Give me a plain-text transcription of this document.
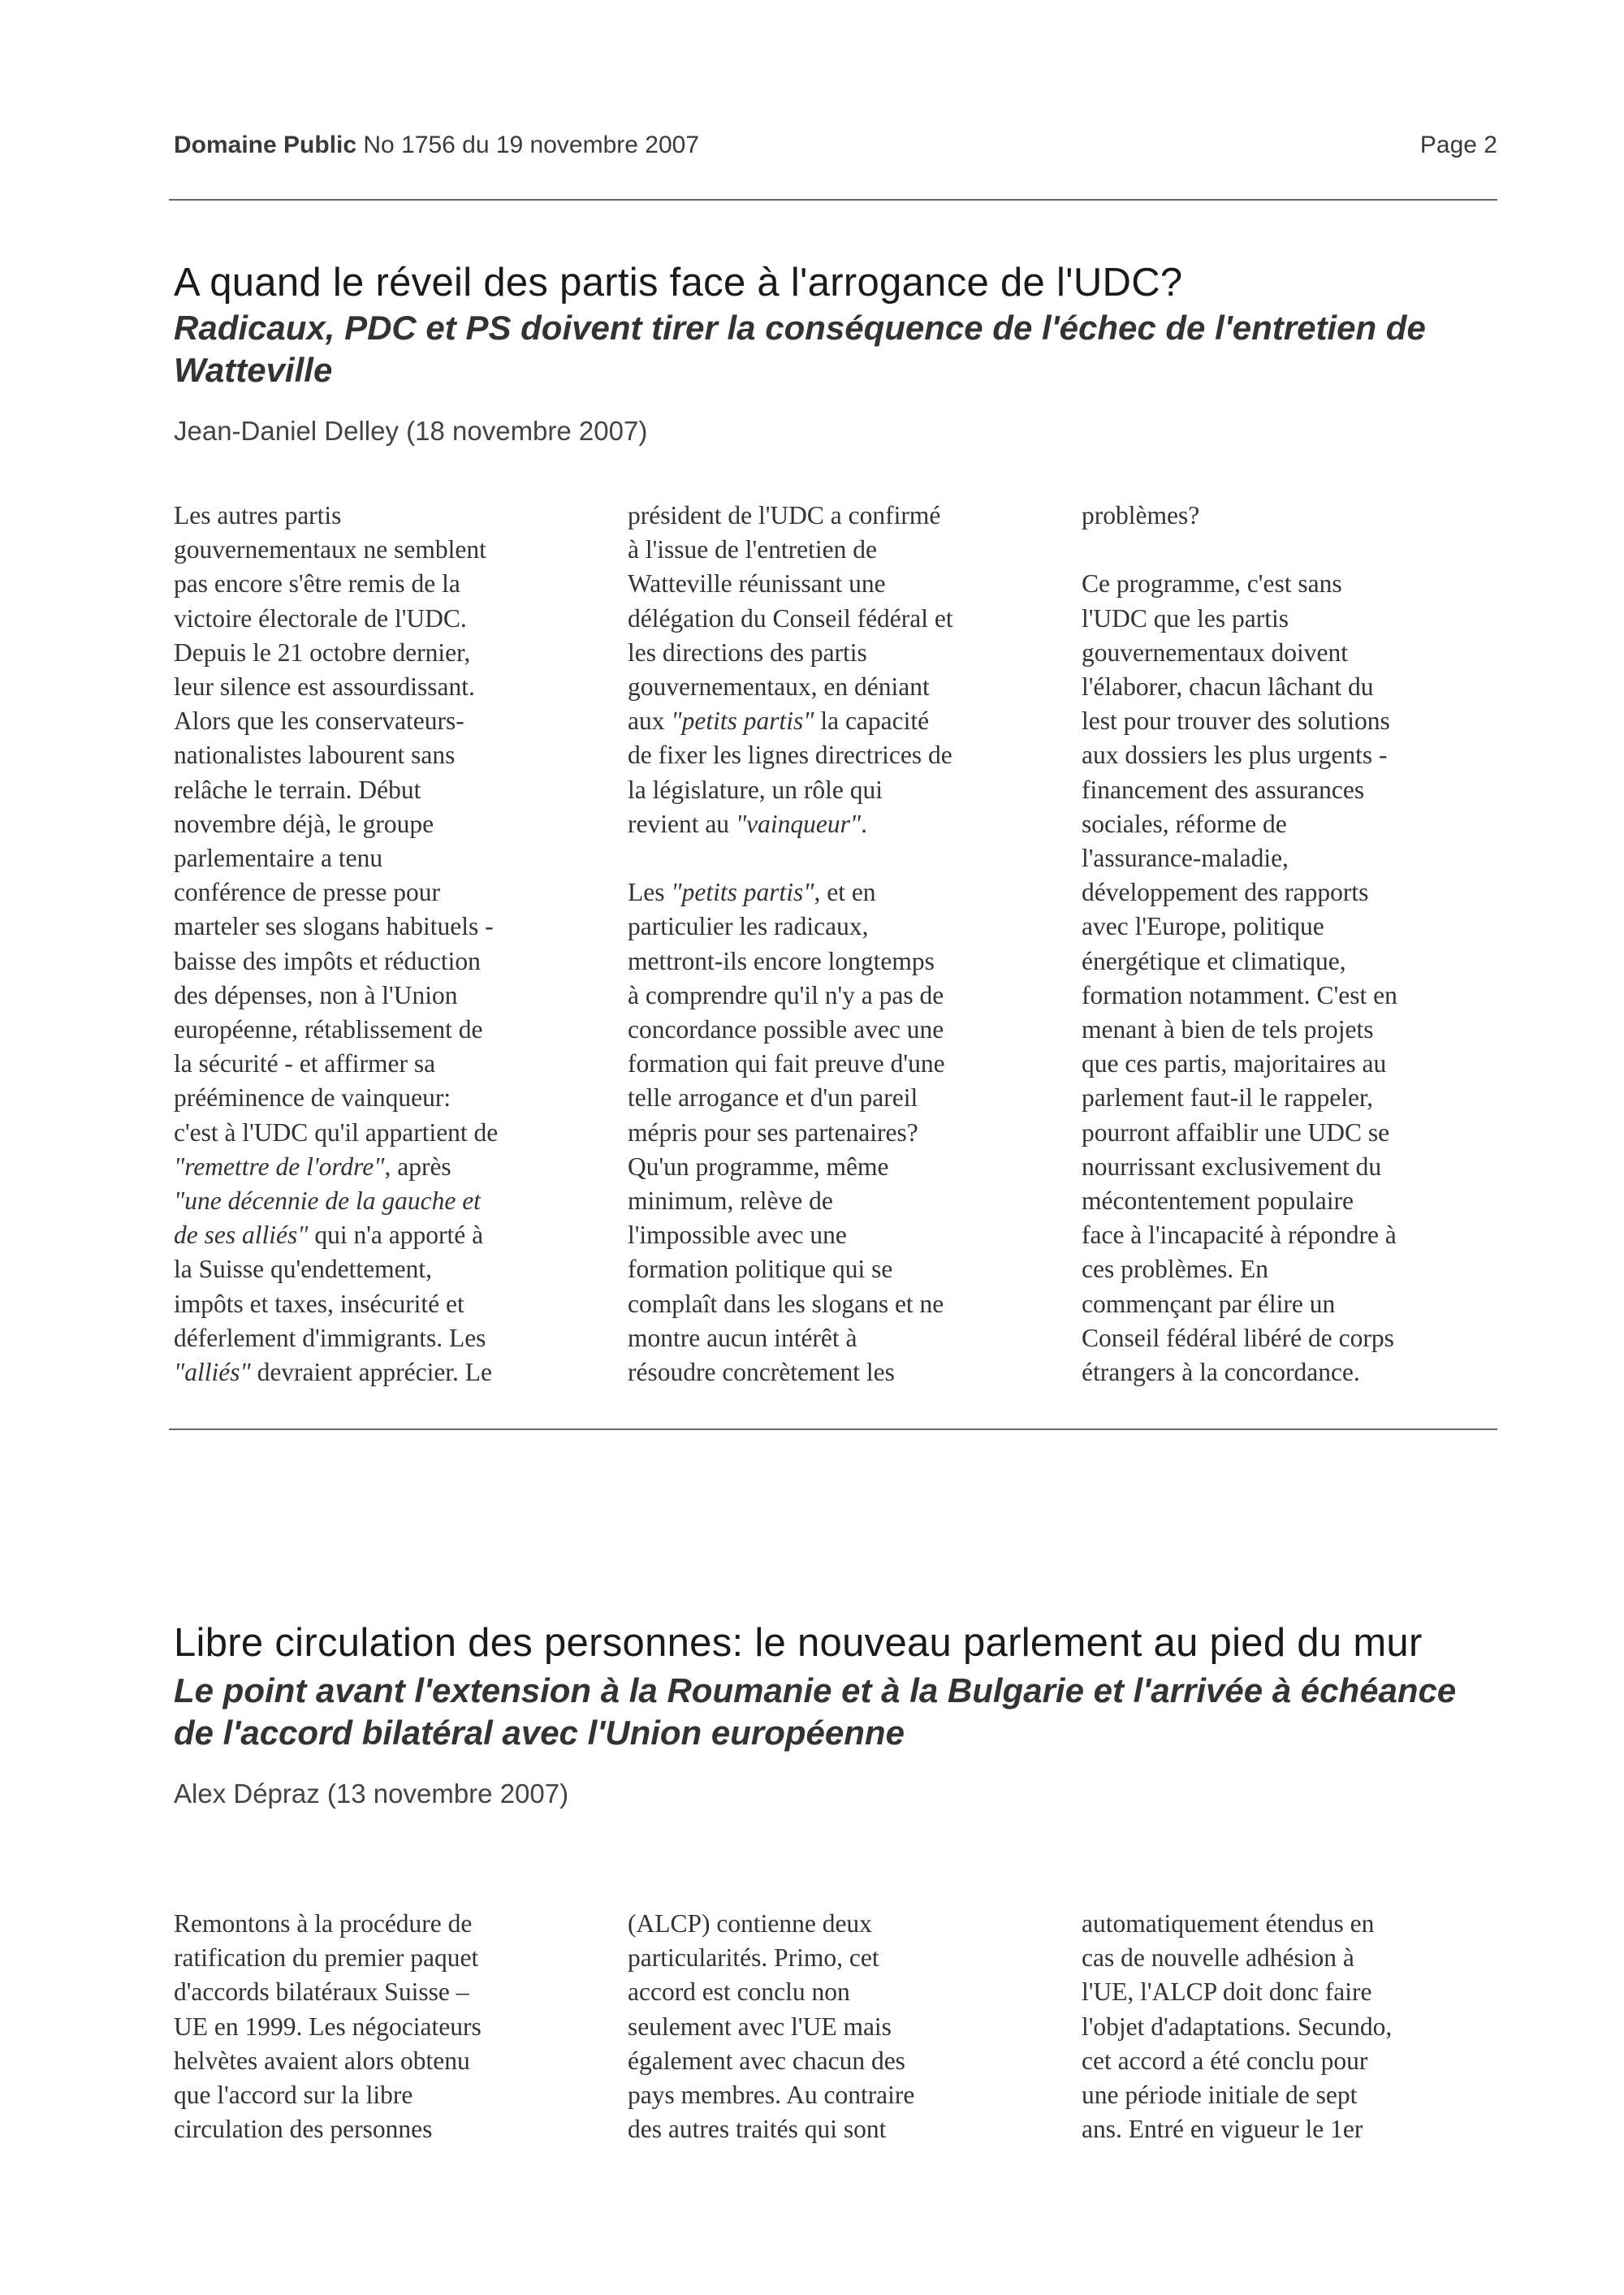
Domaine Public No 1756 du 19 novembre 2007	Page 2
A quand le réveil des partis face à l'arrogance de l'UDC?
Radicaux, PDC et PS doivent tirer la conséquence de l'échec de l'entretien de Watteville
Jean-Daniel Delley (18 novembre 2007)

Les autres partis

gouvernementaux ne semblent

pas encore s'être remis de la

victoire électorale de l'UDC.

Depuis le 21 octobre dernier,

leur silence est assourdissant.

Alors que les conservateurs-

nationalistes labourent sans

relâche le terrain. Début

novembre déjà, le groupe

parlementaire a tenu

conférence de presse pour

marteler ses slogans habituels -

baisse des impôts et réduction

des dépenses, non à l'Union

européenne, rétablissement de

la sécurité - et affirmer sa

prééminence de vainqueur:

c'est à l'UDC qu'il appartient de

"remettre de l'ordre", après

"une décennie de la gauche et

de ses alliés" qui n'a apporté à

la Suisse qu'endettement,

impôts et taxes, insécurité et

déferlement d'immigrants. Les

"alliés" devraient apprécier. Le

président de l'UDC a confirmé

à l'issue de l'entretien de

Watteville réunissant une

délégation du Conseil fédéral et

les directions des partis

gouvernementaux, en déniant

aux "petits partis" la capacité

de fixer les lignes directrices de

la législature, un rôle qui

revient au "vainqueur".

Les "petits partis", et en

particulier les radicaux,

mettront-ils encore longtemps

à comprendre qu'il n'y a pas de

concordance possible avec une

formation qui fait preuve d'une

telle arrogance et d'un pareil

mépris pour ses partenaires?

Qu'un programme, même

minimum, relève de

l'impossible avec une

formation politique qui se

complaît dans les slogans et ne

montre aucun intérêt à

résoudre concrètement les

problèmes?

Ce programme, c'est sans

l'UDC que les partis

gouvernementaux doivent

l'élaborer, chacun lâchant du

lest pour trouver des solutions

aux dossiers les plus urgents -

financement des assurances

sociales, réforme de

l'assurance-maladie,

développement des rapports

avec l'Europe, politique

énergétique et climatique,

formation notamment. C'est en

menant à bien de tels projets

que ces partis, majoritaires au

parlement faut-il le rappeler,

pourront affaiblir une UDC se

nourrissant exclusivement du

mécontentement populaire

face à l'incapacité à répondre à

ces problèmes. En

commençant par élire un

Conseil fédéral libéré de corps

étrangers à la concordance.

Libre circulation des personnes: le nouveau parlement au pied du mur
Le point avant l'extension à la Roumanie et à la Bulgarie et l'arrivée à échéance de l'accord bilatéral avec l'Union européenne
Alex Dépraz (13 novembre 2007)

Remontons à la procédure de

ratification du premier paquet

d'accords bilatéraux Suisse –

UE en 1999. Les négociateurs

helvètes avaient alors obtenu

que l'accord sur la libre

circulation des personnes

(ALCP) contienne deux

particularités. Primo, cet

accord est conclu non

seulement avec l'UE mais

également avec chacun des

pays membres. Au contraire

des autres traités qui sont

automatiquement étendus en

cas de nouvelle adhésion à

l'UE, l'ALCP doit donc faire

l'objet d'adaptations. Secundo,

cet accord a été conclu pour

une période initiale de sept

ans. Entré en vigueur le 1er
